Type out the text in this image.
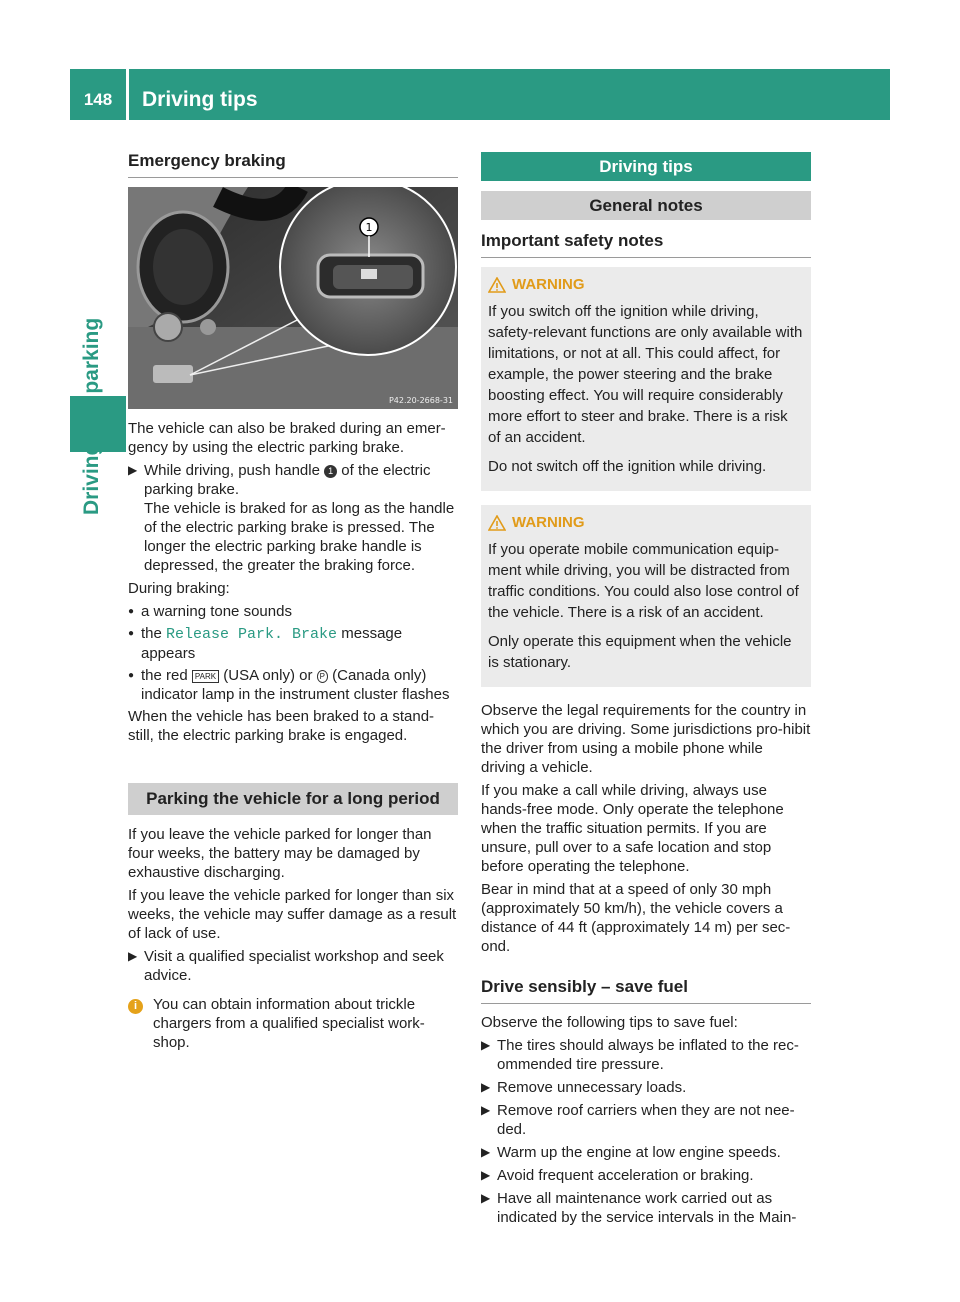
148	Driving tips
Emergency braking
1
P42.20-2668-31

The vehicle can also be braked during an emer-gency by using the electric parking brake.

▶ While driving, push handle 1 of the electric parking brake.
The vehicle is braked for as long as the handle of the electric parking brake is pressed. The longer the electric parking brake handle is depressed, the greater the braking force.

During braking:

● a warning tone sounds
● the Release Park. Brake message appears
● the red PARK (USA only) or P (Canada only) indicator lamp in the instrument cluster flashes

When the vehicle has been braked to a stand-still, the electric parking brake is engaged.

Parking the vehicle for a long period

If you leave the vehicle parked for longer than four weeks, the battery may be damaged by exhaustive discharging.

If you leave the vehicle parked for longer than six weeks, the vehicle may suffer damage as a result of lack of use.

▶ Visit a qualified specialist workshop and seek advice.
i	You can obtain information about trickle chargers from a qualified specialist work-shop.
Driving tips
General notes
Important safety notes
WARNING

If you switch off the ignition while driving, safety-relevant functions are only available with limitations, or not at all. This could affect, for example, the power steering and the brake boosting effect. You will require considerably more effort to steer and brake. There is a risk of an accident.

Do not switch off the ignition while driving.

WARNING

If you operate mobile communication equip-ment while driving, you will be distracted from traffic conditions. You could also lose control of the vehicle. There is a risk of an accident.

Only operate this equipment when the vehicle is stationary.

Observe the legal requirements for the country in which you are driving. Some jurisdictions pro-hibit the driver from using a mobile phone while driving a vehicle.

If you make a call while driving, always use hands-free mode. Only operate the telephone when the traffic situation permits. If you are unsure, pull over to a safe location and stop before operating the telephone.

Bear in mind that at a speed of only 30 mph (approximately 50 km/h), the vehicle covers a distance of 44 ft (approximately 14 m) per sec-ond.

Drive sensibly – save fuel

Observe the following tips to save fuel:

▶ The tires should always be inflated to the rec-ommended tire pressure.
▶ Remove unnecessary loads.
▶ Remove roof carriers when they are not nee-ded.
▶ Warm up the engine at low engine speeds.
▶ Avoid frequent acceleration or braking.
▶ Have all maintenance work carried out as indicated by the service intervals in the Main-
